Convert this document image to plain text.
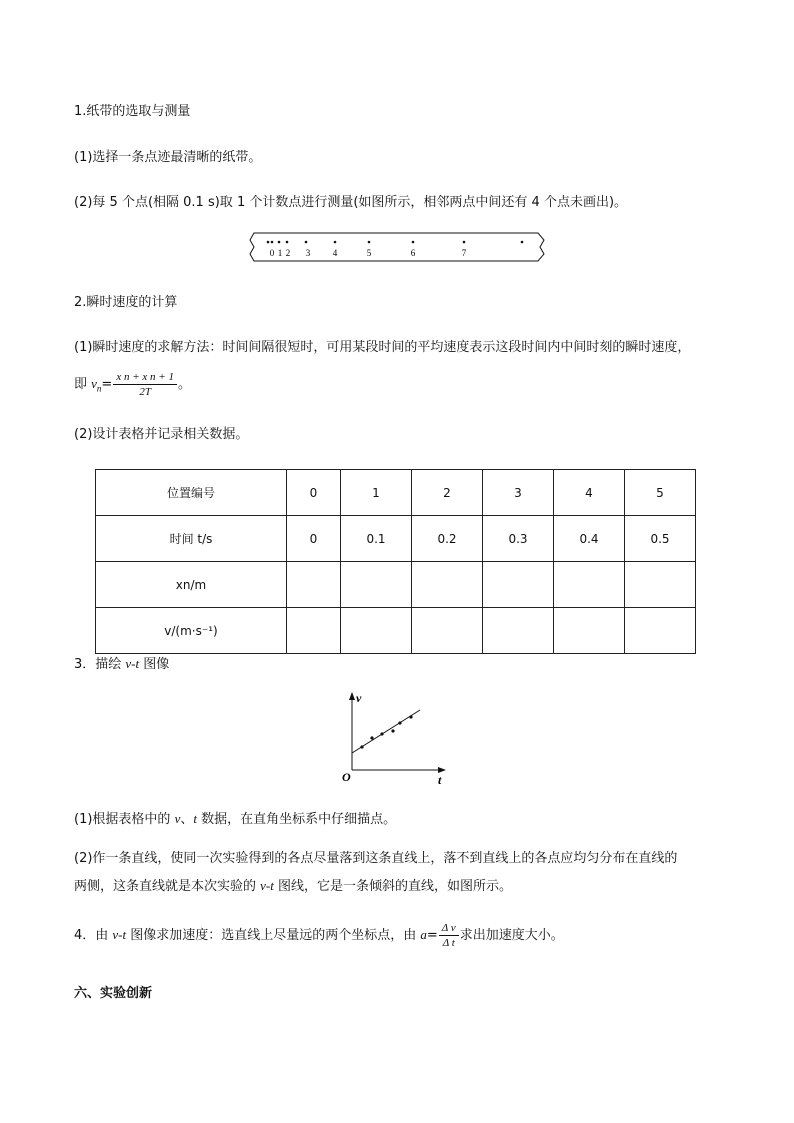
1.纸带的选取与测量
(1)选择一条点迹最清晰的纸带。
(2)每 5 个点(相隔 0.1 s)取 1 个计数点进行测量(如图所示，相邻两点中间还有 4 个点未画出)。
0 1 2 3	4	5	6	7
2.瞬时速度的计算
(1)瞬时速度的求解方法：时间间隔很短时，可用某段时间的平均速度表示这段时间内中间时刻的瞬时速度，
即 $v_n= \frac{\text{x n + x n + 1}}{2T}$ 。
(2)设计表格并记录相关数据。
位置编号	0	1	2	3	4	5
时间 t/s	0	0.1	0.2	0.3	0.4	0.5
xn/m						
v/(m·s⁻¹)						
3．描绘 v-t 图像
v
t
O
(1)根据表格中的 v、t 数据，在直角坐标系中仔细描点。
(2)作一条直线，使同一次实验得到的各点尽量落到这条直线上，落不到直线上的各点应均匀分布在直线的
两侧，这条直线就是本次实验的 v-t 图线，它是一条倾斜的直线，如图所示。
4．由 v-t 图像求加速度：选直线上尽量远的两个坐标点，由 $a= \frac{\text{Δ v}}{\text{Δ t}}$ 求出加速度大小。
六、实验创新
